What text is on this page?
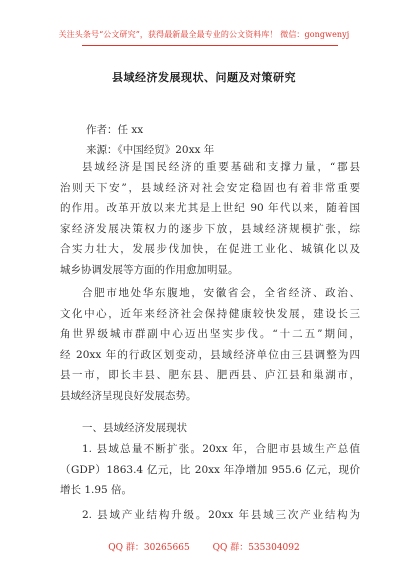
关注头条号“公文研究”，获得最新最全最专业的公文资料库！ 微信：gongwenyj
县域经济发展现状、问题及对策研究
作者：任 xx
来源：《中国经贸》20xx 年
县域经济是国民经济的重要基础和支撑力量，“郡县
治则天下安”，县域经济对社会安定稳固也有着非常重要
的作用。改革开放以来尤其是上世纪 90 年代以来，随着国
家经济发展决策权力的逐步下放，县域经济规模扩张，综
合实力壮大，发展步伐加快，在促进工业化、城镇化以及
城乡协调发展等方面的作用愈加明显。
合肥市地处华东腹地，安徽省会，全省经济、政治、
文化中心，近年来经济社会保持健康较快发展，建设长三
角世界级城市群副中心迈出坚实步伐。“十二五”期间，
经 20xx 年的行政区划变动，县域经济单位由三县调整为四
县一市，即长丰县、肥东县、肥西县、庐江县和巢湖市，
县域经济呈现良好发展态势。
一、县域经济发展现状
1. 县域总量不断扩张。20xx 年，合肥市县域生产总值
（GDP）1863.4 亿元，比 20xx 年净增加 955.6 亿元，现价
增长 1.95 倍。
2. 县域产业结构升级。20xx 年县域三次产业结构为
QQ 群：30265665	QQ 群：535304092
